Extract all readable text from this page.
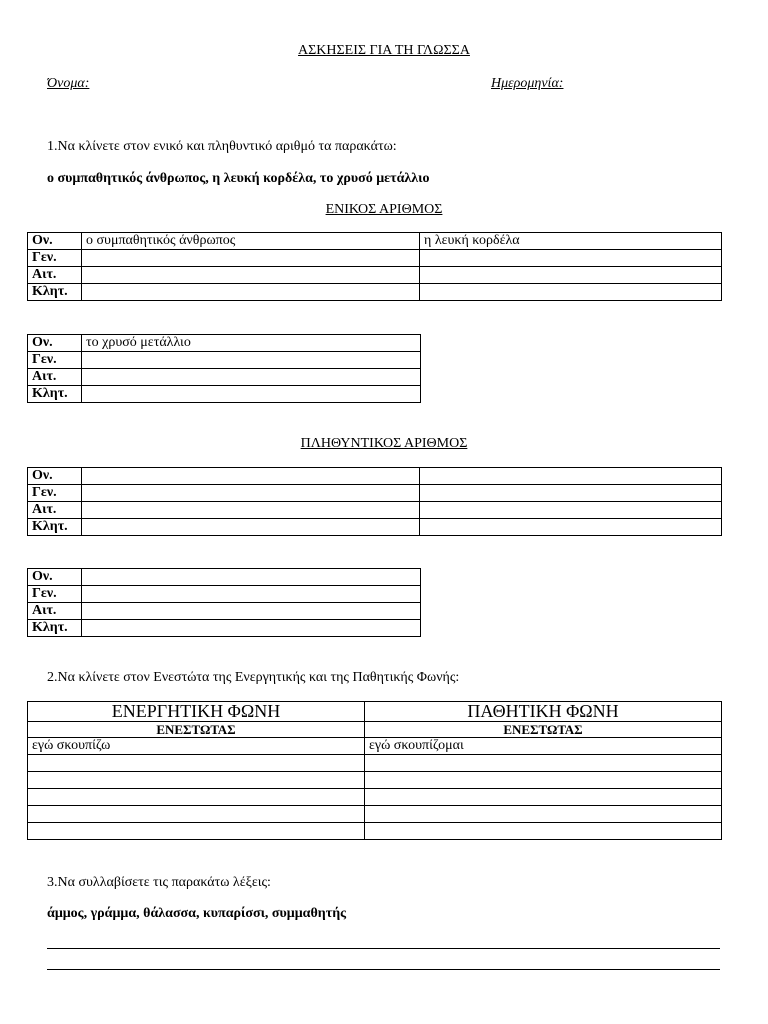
ΑΣΚΗΣΕΙΣ ΓΙΑ ΤΗ ΓΛΩΣΣΑ
Όνομα:	Ημερομηνία:
1.Να κλίνετε στον ενικό και πληθυντικό αριθμό τα παρακάτω:
ο συμπαθητικός άνθρωπος, η λευκή κορδέλα, το χρυσό μετάλλιο
ΕΝΙΚΟΣ ΑΡΙΘΜΟΣ
Ον.	ο συμπαθητικός άνθρωπος	η λευκή κορδέλα
Γεν.		
Αιτ.		
Κλητ.		
Ον.	το χρυσό μετάλλιο
Γεν.	
Αιτ.	
Κλητ.	
ΠΛΗΘΥΝΤΙΚΟΣ ΑΡΙΘΜΟΣ
Ον.		
Γεν.		
Αιτ.		
Κλητ.		
Ον.	
Γεν.	
Αιτ.	
Κλητ.	
2.Να κλίνετε στον Ενεστώτα της Ενεργητικής και της Παθητικής Φωνής:
ΕΝΕΡΓΗΤΙΚΗ ΦΩΝΗ	ΠΑΘΗΤΙΚΗ ΦΩΝΗ
ΕΝΕΣΤΩΤΑΣ	ΕΝΕΣΤΩΤΑΣ
εγώ σκουπίζω	εγώ σκουπίζομαι

3.Να συλλαβίσετε τις παρακάτω λέξεις:
άμμος, γράμμα, θάλασσα, κυπαρίσσι, συμμαθητής
